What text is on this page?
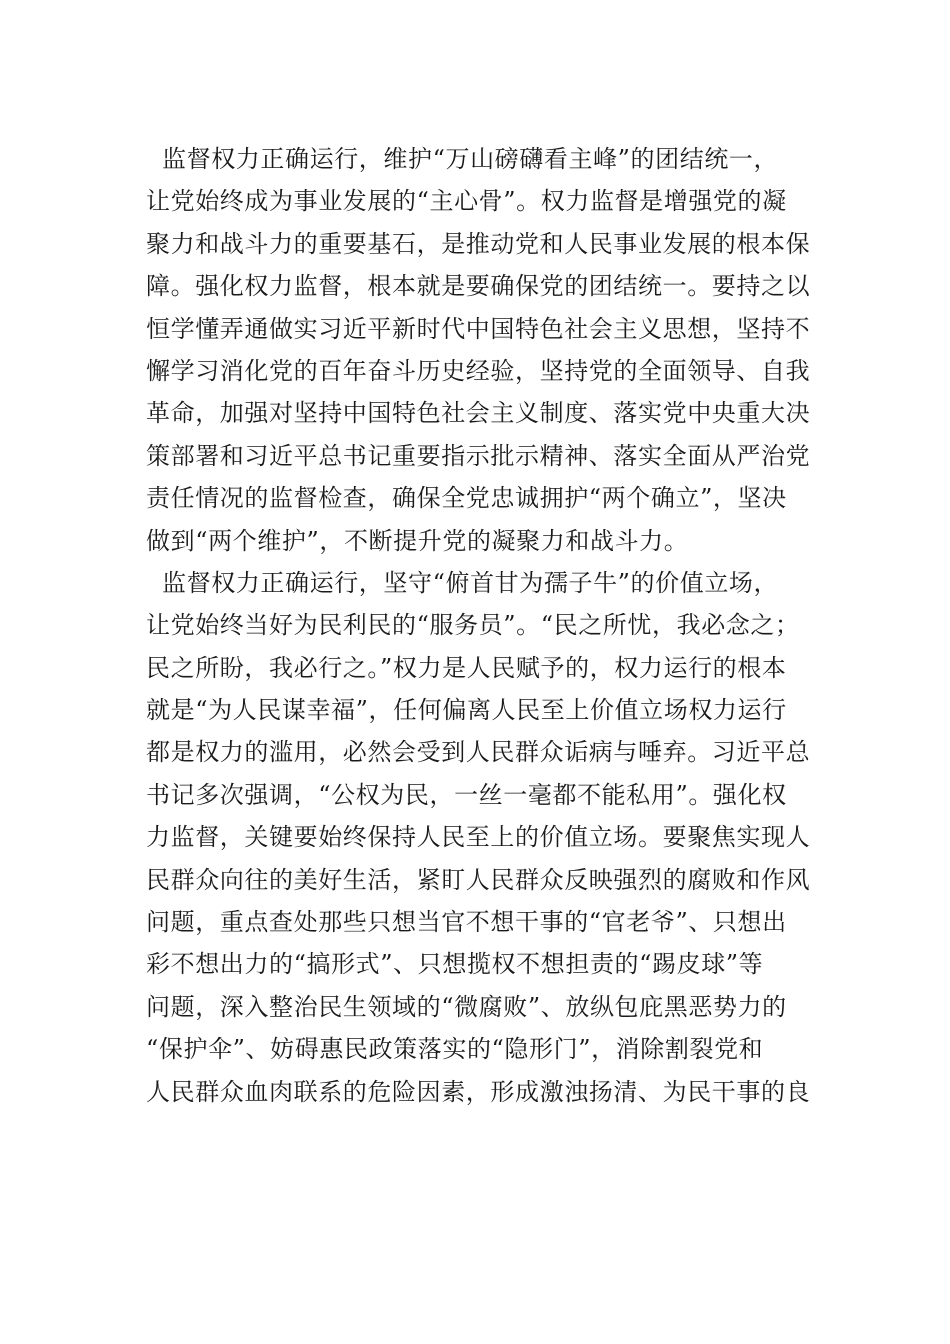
监督权力正确运行，维护“万山磅礴看主峰”的团结统一，
让党始终成为事业发展的“主心骨”。权力监督是增强党的凝
聚力和战斗力的重要基石，是推动党和人民事业发展的根本保
障。强化权力监督，根本就是要确保党的团结统一。要持之以
恒学懂弄通做实习近平新时代中国特色社会主义思想，坚持不
懈学习消化党的百年奋斗历史经验，坚持党的全面领导、自我
革命，加强对坚持中国特色社会主义制度、落实党中央重大决
策部署和习近平总书记重要指示批示精神、落实全面从严治党
责任情况的监督检查，确保全党忠诚拥护“两个确立”，坚决
做到“两个维护”，不断提升党的凝聚力和战斗力。
监督权力正确运行，坚守“俯首甘为孺子牛”的价值立场，
让党始终当好为民利民的“服务员”。“民之所忧，我必念之；
民之所盼，我必行之。”权力是人民赋予的，权力运行的根本
就是“为人民谋幸福”，任何偏离人民至上价值立场权力运行
都是权力的滥用，必然会受到人民群众诟病与唾弃。习近平总
书记多次强调，“公权为民，一丝一毫都不能私用”。强化权
力监督，关键要始终保持人民至上的价值立场。要聚焦实现人
民群众向往的美好生活，紧盯人民群众反映强烈的腐败和作风
问题，重点查处那些只想当官不想干事的“官老爷”、只想出
彩不想出力的“搞形式”、只想揽权不想担责的“踢皮球”等
问题，深入整治民生领域的“微腐败”、放纵包庇黑恶势力的
“保护伞”、妨碍惠民政策落实的“隐形门”，消除割裂党和
人民群众血肉联系的危险因素，形成激浊扬清、为民干事的良
